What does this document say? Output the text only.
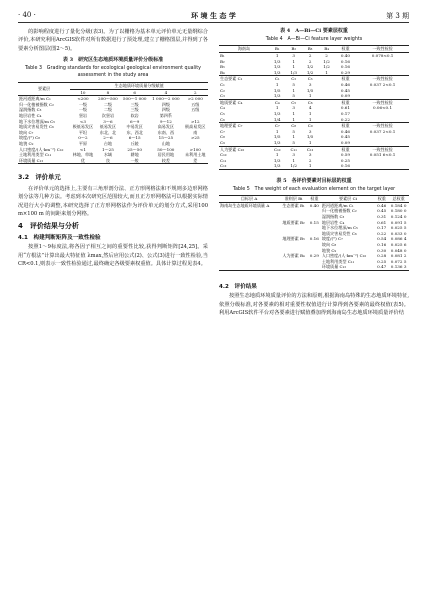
· 40 ·	环 境 生 态 学	第 3 期

的影响程度进行了量化分级(表3)。为了以栅格为基本单元评价单元无量纲综合评价,本研究利用ArcGIS软件对所有数据进行了预处理,建立了栅格图层,并得到了各要素分析图层(图2～5)。

表 3　研究区生态地质环境质量评价分级标准
Table 3　Grading standards for ecological geological environment quality assessment in the study area
要素层	生态地质环境质量分级赋值				
	10	8	6	4	2
距河道距离/m C₁	<200	200～500	500～1 000	1 000～2 000	>2 000
归一化植被指数 C₂	一级	二级	三级	四级	五级
湿润指数 C₃	一级	二级	三级	四级	五级
地层岩性 C₄	坚岩	次坚岩	软岩	第四系	
地下水位埋深/m C₅	<3	3～6	6～9	9～12	>12
地质灾害易发性 C₆	极低易发区	低易发区	中易发区	高易发区	极高易发区
坡向 C₇	平坦	东北、北	东、西北	东南、西	南
坡度/(°) C₈	0～2	2～6	6～15	15～25	>25
地貌 C₉	平原	台地	丘陵	山地	
人口密度/(人·km⁻²) C₁₀	<1	1～25	25～50	50～100	>100
土地利用类型 C₁₁	林地、草地	水域	耕地	居民用地	未利用土地
环境质量 C₁₂	优	良	一般	较差	差
3.2　评价单元

在评价单元的选择上,主要有三角形剖分法、正方形网格法和不规则多边形网格划分法等几种方法。考虑到本次研究区范围较大,而且正方形网格法可以根据实际情况进行大小的调整,本研究选择了正方形网格法作为评价单元的划分方式,采用100 m×100 m 的间距来划分网格。

4　评价结果与分析
4.1　构建判断矩阵及一致性检验

按照1～9标度法,将各因子相互之间的重要性比较,获得判断矩阵[24,25]。采用“方根法”计算出最大特征值 λmax,然后应用公式(2)、公式(3)进行一致性检验,当CR<0.1,则表示一致性检验通过,最终确定各级要素权重值。具体计算过程见表4。

表 4　A—Bi—Ci 要素层权重
Table 4　A—Bi—Ci feature layer weights
海南岛	B₁	B₂	B₃	B₄	权重	一致性检验
B₁	1	3	2	2	0.40	0.078<0.1
B₂	1/3	1	2	1/2	0.16	
B₃	1/3	1	1/2	1/2	0.16	
B₄	1/3	1/3	1/2	1	0.29	
生态要素 C₁	C₁	C₂	C₃		权重	一致性检验
C₁	1	5	3		0.46	0.037 2<0.1
C₂	1/5	1	1/5		0.45	
C₃	1/3	5	1		0.09	
地质要素 C₄	C₄	C₅	C₆		权重	一致性检验
C₄	1	3	4		0.61	0.06<0.1
C₅	1/3	1	1		0.17	
C₆	1/4	1	1		0.22	
地理要素 C₇	C₇	C₈	C₉		权重	一致性检验
C₇	1	5	3		0.46	0.037 2<0.1
C₈	1/5	1	1/5		0.45	
C₉	1/3	5	1		0.09	
人为要素 C₁₀	C₁₀	C₁₁	C₁₂		权重	一致性检验
C₁₀	1	3	3		0.59	0.051 6<0.1
C₁₁	1/3	1	2		0.25	
C₁₂	1/3	1/2	1		0.16	
表 5　各评价要素对目标层的权重
Table 5　The weight of each evaluation element on the target layer
目标层 A	准则层 Bi	权重	要素层 Ci	权重	总权重
海南岛生态地质环境质量 A	生态要素 B₁	0.40	距河道距离/m C₁	0.46	0.184 0
			归一化植被指数 C₂	0.45	0.180 0
			湿润指数 C₃	0.31	0.124 0
	地质要素 B₂	0.15	地层岩性 C₄	0.61	0.091 5
			地下水位埋深/m C₅	0.17	0.025 5
			地质灾害易发性 C₆	0.22	0.033 0
	地理要素 B₃	0.16	坡度/(°) C₇	0.54	0.086 4
			坡向 C₈	0.16	0.025 6
			地貌 C₉	0.30	0.048 0
	人为要素 B₄	0.29	人口密度/(人·km⁻²) C₁₀	0.28	0.081 2
			土地利用类型 C₁₁	0.25	0.072 5
			环境质量 C₁₂	0.47	0.136 3
4.2　评价结果

按照生态地质环境质量评价的方法和原则,根据海南岛特殊的生态地质环境特征,依照分级标准,对各要素的相对重要性权值进行计算得到各要素的最终权值(表5)。利用ArcGIS软件平台对各要素进行赋值叠加得到海南岛生态地质环境质量评价结
